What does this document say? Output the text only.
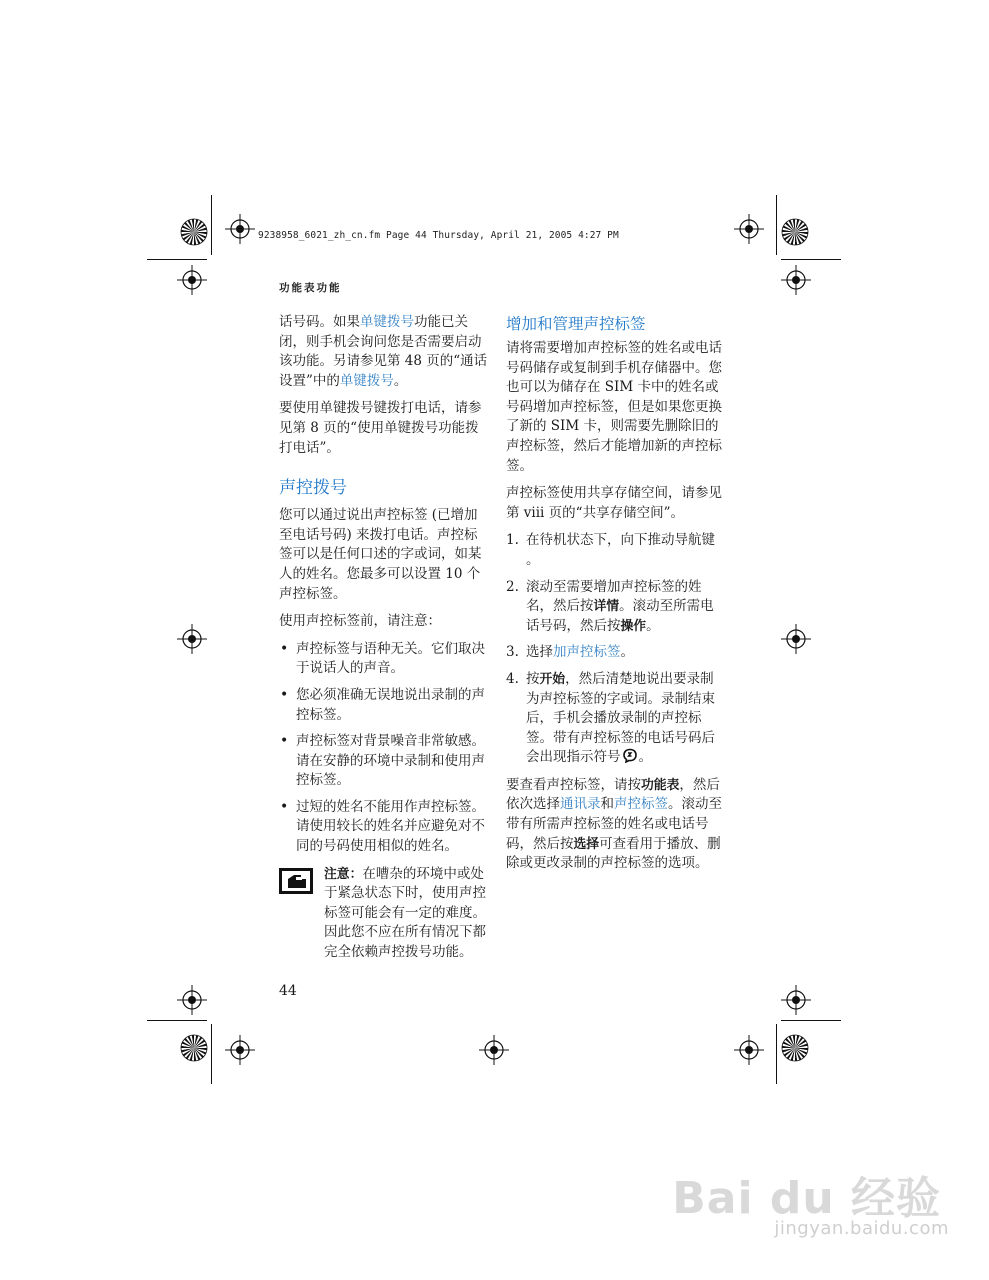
9238958_6021_zh_cn.fm Page 44 Thursday, April 21, 2005 4:27 PM
功能表功能

话号码。如果单键拨号功能已关闭，则手机会询问您是否需要启动该功能。另请参见第 48 页的“通话设置”中的单键拨号。

要使用单键拨号键拨打电话，请参见第 8 页的“使用单键拨号功能拨打电话”。

声控拨号

您可以通过说出声控标签 (已增加至电话号码) 来拨打电话。声控标签可以是任何口述的字或词，如某人的姓名。您最多可以设置 10 个声控标签。

使用声控标签前，请注意：

• 声控标签与语种无关。它们取决于说话人的声音。
• 您必须准确无误地说出录制的声控标签。
• 声控标签对背景噪音非常敏感。请在安静的环境中录制和使用声控标签。
• 过短的姓名不能用作声控标签。请使用较长的姓名并应避免对不同的号码使用相似的姓名。
注意：在嘈杂的环境中或处于紧急状态下时，使用声控标签可能会有一定的难度。因此您不应在所有情况下都完全依赖声控拨号功能。
增加和管理声控标签

请将需要增加声控标签的姓名或电话号码储存或复制到手机存储器中。您也可以为储存在 SIM 卡中的姓名或号码增加声控标签，但是如果您更换了新的 SIM 卡，则需要先删除旧的声控标签，然后才能增加新的声控标签。

声控标签使用共享存储空间，请参见第 viii 页的“共享存储空间”。

1. 在待机状态下，向下推动导航键 。
2. 滚动至需要增加声控标签的姓名，然后按详情。滚动至所需电话号码，然后按操作。
3. 选择加声控标签。
4. 按开始，然后清楚地说出要录制为声控标签的字或词。录制结束后，手机会播放录制的声控标签。带有声控标签的电话号码后会出现指示符号 。

要查看声控标签，请按功能表，然后依次选择通讯录和声控标签。滚动至带有所需声控标签的姓名或电话号码，然后按选择可查看用于播放、删除或更改录制的声控标签的选项。

44
Bai du 经验
jingyan.baidu.com
